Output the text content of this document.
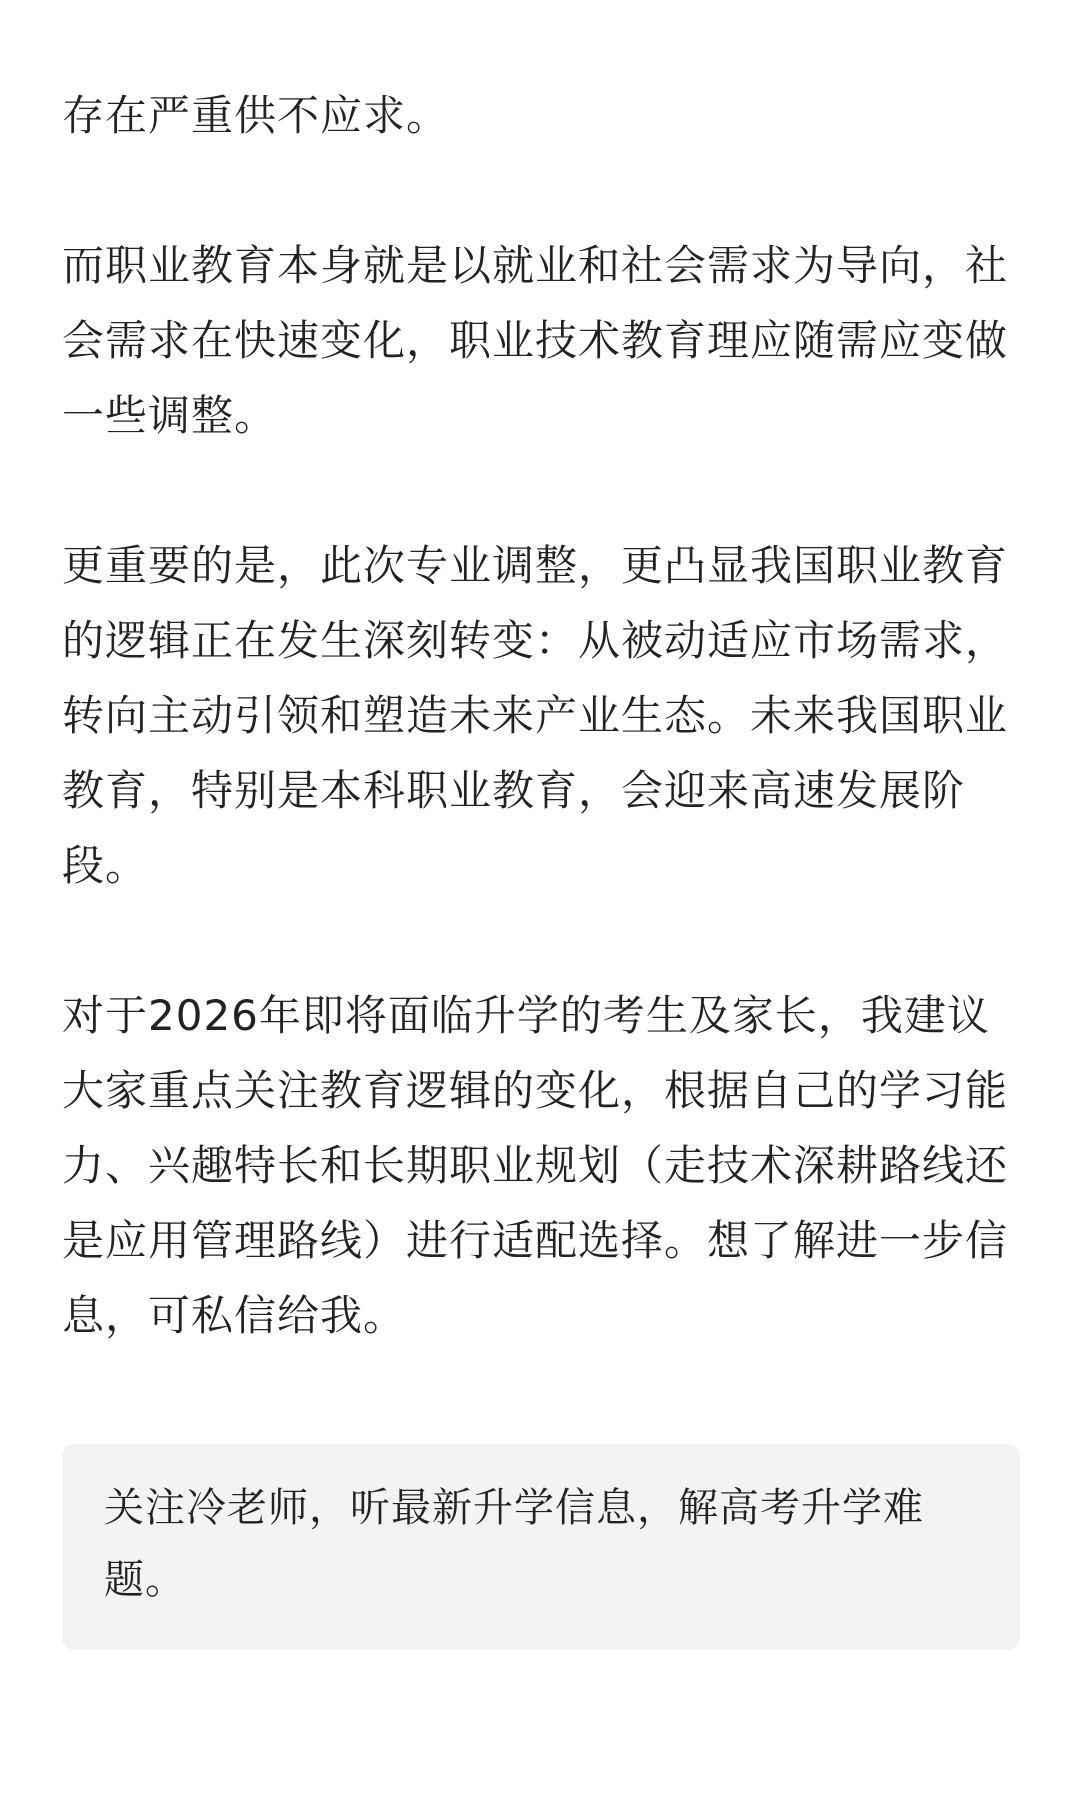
存在严重供不应求。

而职业教育本身就是以就业和社会需求为导向，社会需求在快速变化，职业技术教育理应随需应变做一些调整。

更重要的是，此次专业调整，更凸显我国职业教育的逻辑正在发生深刻转变：从被动适应市场需求，转向主动引领和塑造未来产业生态。未来我国职业教育，特别是本科职业教育，会迎来高速发展阶段。

对于2026年即将面临升学的考生及家长，我建议大家重点关注教育逻辑的变化，根据自己的学习能力、兴趣特长和长期职业规划（走技术深耕路线还是应用管理路线）进行适配选择。想了解进一步信息，可私信给我。

关注冷老师，听最新升学信息，解高考升学难题。
